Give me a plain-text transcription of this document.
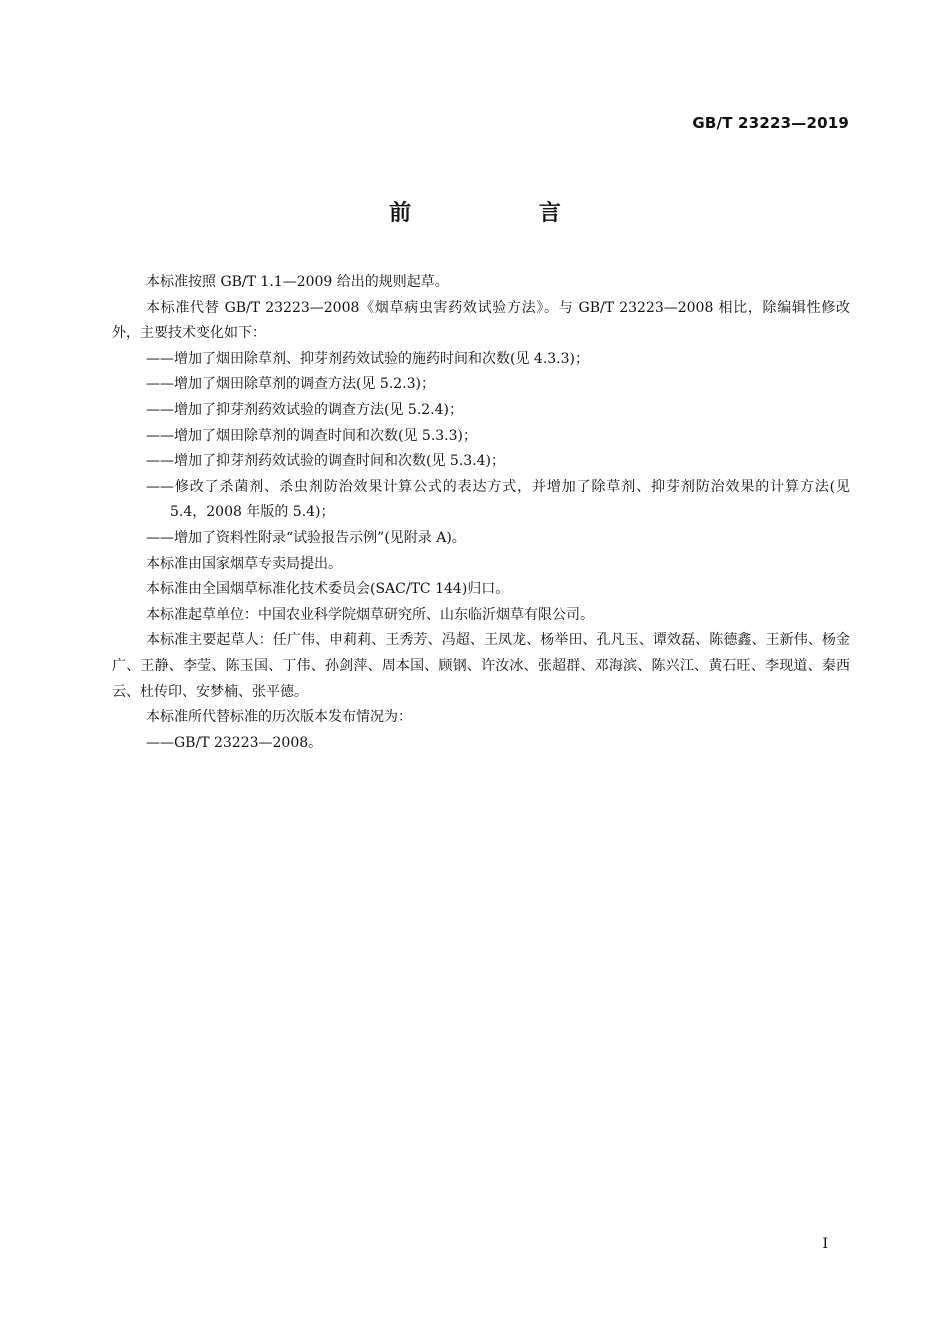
GB/T 23223—2019
前 言

本标准按照 GB/T 1.1—2009 给出的规则起草。

本标准代替 GB/T 23223—2008《烟草病虫害药效试验方法》。与 GB/T 23223—2008 相比，除编辑性修改外，主要技术变化如下：

——增加了烟田除草剂、抑芽剂药效试验的施药时间和次数(见 4.3.3)；

——增加了烟田除草剂的调查方法(见 5.2.3)；

——增加了抑芽剂药效试验的调查方法(见 5.2.4)；

——增加了烟田除草剂的调查时间和次数(见 5.3.3)；

——增加了抑芽剂药效试验的调查时间和次数(见 5.3.4)；

——修改了杀菌剂、杀虫剂防治效果计算公式的表达方式，并增加了除草剂、抑芽剂防治效果的计算方法(见 5.4，2008 年版的 5.4)；

——增加了资料性附录“试验报告示例”(见附录 A)。

本标准由国家烟草专卖局提出。

本标准由全国烟草标准化技术委员会(SAC/TC 144)归口。

本标准起草单位：中国农业科学院烟草研究所、山东临沂烟草有限公司。

本标准主要起草人：任广伟、申莉莉、王秀芳、冯超、王凤龙、杨举田、孔凡玉、谭效磊、陈德鑫、王新伟、杨金广、王静、李莹、陈玉国、丁伟、孙剑萍、周本国、顾钢、许汝冰、张超群、邓海滨、陈兴江、黄石旺、李现道、秦西云、杜传印、安梦楠、张平德。

本标准所代替标准的历次版本发布情况为：

——GB/T 23223—2008。

I
